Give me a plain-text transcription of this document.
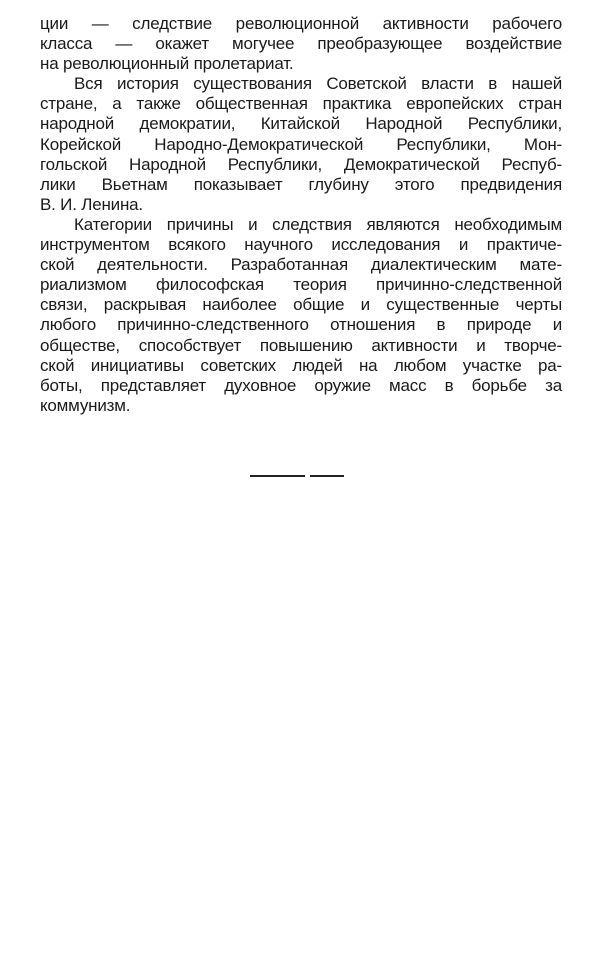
ции — следствие революционной активности рабочего
класса — окажет могучее преобразующее воздействие
на революционный пролетариат.
Вся история существования Советской власти в нашей
стране, а также общественная практика европейских стран
народной демократии, Китайской Народной Республики,
Корейской Народно-Демократической Республики, Мон-
гольской Народной Республики, Демократической Респуб-
лики Вьетнам показывает глубину этого предвидения
В. И. Ленина.
Категории причины и следствия являются необходимым
инструментом всякого научного исследования и практиче-
ской деятельности. Разработанная диалектическим мате-
риализмом философская теория причинно-следственной
связи, раскрывая наиболее общие и существенные черты
любого причинно-следственного отношения в природе и
обществе, способствует повышению активности и творче-
ской инициативы советских людей на любом участке ра-
боты, представляет духовное оружие масс в борьбе за
коммунизм.
